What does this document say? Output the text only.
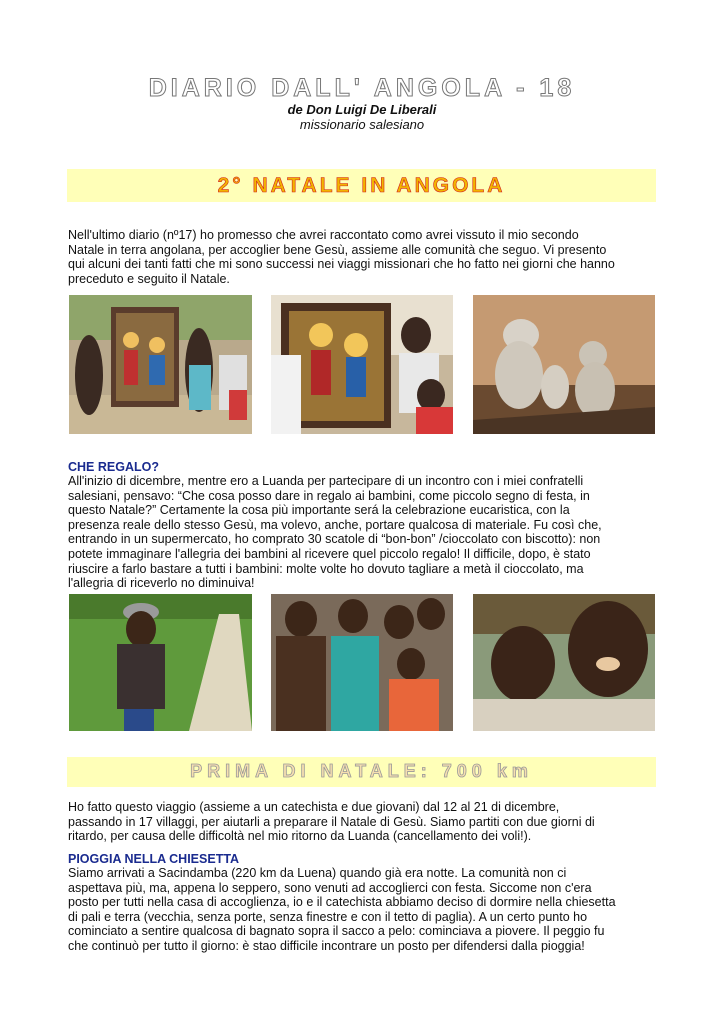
DIARIO DALL' ANGOLA - 18
de Don Luigi De Liberali
missionario salesiano
2° NATALE IN ANGOLA
Nell'ultimo diario (nº17) ho promesso che avrei raccontato como avrei vissuto il mio secondo
Natale in terra angolana, per accoglier bene Gesù, assieme alle comunità che seguo. Vi presento
qui alcuni dei tanti fatti che mi sono successi nei viaggi missionari che ho fatto nei giorni che hanno
preceduto e seguito il Natale.
CHE REGALO?
All'inizio di dicembre, mentre ero a Luanda per partecipare di un incontro con i miei confratelli
salesiani, pensavo: “Che cosa posso dare in regalo ai bambini, come piccolo segno di festa, in
questo Natale?” Certamente la cosa più importante será la celebrazione eucaristica, con la
presenza reale dello stesso Gesù, ma volevo, anche, portare qualcosa di materiale. Fu così che,
entrando in un supermercato, ho comprato 30 scatole di “bon-bon” /cioccolato con biscotto): non
potete immaginare l'allegria dei bambini al ricevere quel piccolo regalo! Il difficile, dopo, è stato
riuscire a farlo bastare a tutti i bambini: molte volte ho dovuto tagliare a metà il cioccolato, ma
l'allegria di riceverlo no diminuiva!
PRIMA DI NATALE: 700 km
Ho fatto questo viaggio (assieme a un catechista e due giovani) dal 12 al 21 di dicembre,
passando in 17 villaggi, per aiutarli a preparare il Natale di Gesù. Siamo partiti con due giorni di
ritardo, per causa delle difficoltà nel mio ritorno da Luanda (cancellamento dei voli!).
PIOGGIA NELLA CHIESETTA
Siamo arrivati a Sacindamba (220 km da Luena) quando già era notte. La comunità non ci
aspettava più, ma, appena lo seppero, sono venuti ad accoglierci con festa. Siccome non c'era
posto per tutti nella casa di accoglienza, io e il catechista abbiamo deciso di dormire nella chiesetta
di pali e terra (vecchia, senza porte, senza finestre e con il tetto di paglia). A un certo punto ho
cominciato a sentire qualcosa di bagnato sopra il sacco a pelo: cominciava a piovere. Il peggio fu
che continuò per tutto il giorno: è stao difficile incontrare un posto per difendersi dalla pioggia!
